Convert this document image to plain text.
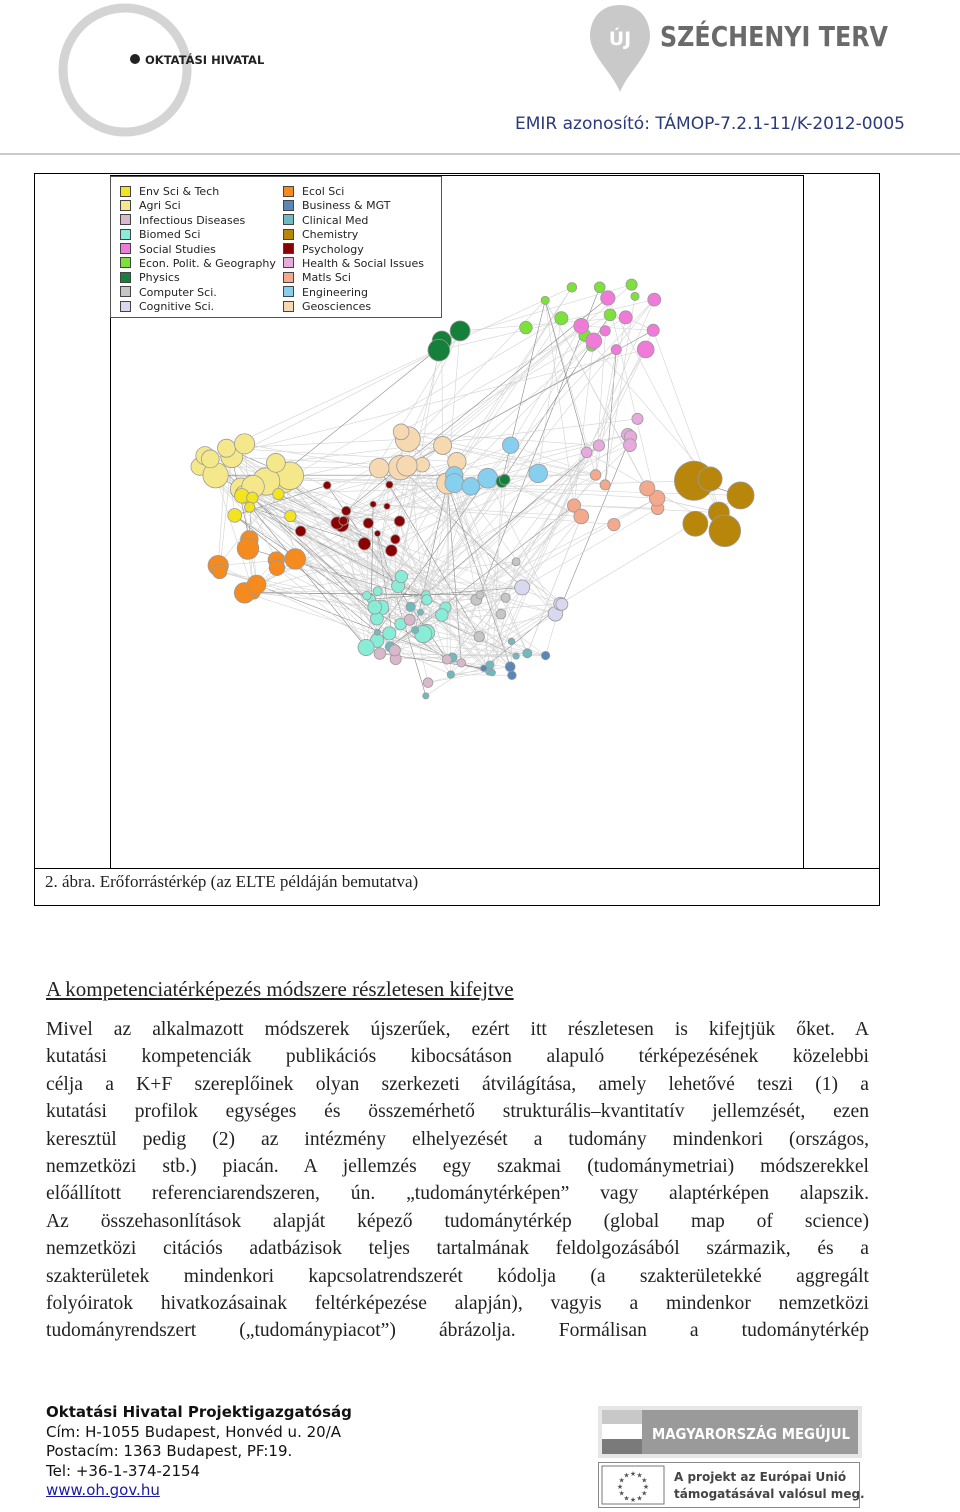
OKTATÁSI HIVATAL
ÚJ SZÉCHENYI TERV
EMIR azonosító: TÁMOP-7.2.1-11/K-2012-0005
Env Sci & Tech
Agri Sci
Infectious Diseases
Biomed Sci
Social Studies
Econ. Polit. & Geography
Physics
Computer Sci.
Cognitive Sci.
Ecol Sci
Business & MGT
Clinical Med
Chemistry
Psychology
Health & Social Issues
Matls Sci
Engineering
Geosciences
2. ábra. Erőforrástérkép (az ELTE példáján bemutatva)
A kompetenciatérképezés módszere részletesen kifejtve
Mivel az alkalmazott módszerek újszerűek, ezért itt részletesen is kifejtjük őket. A
kutatási kompetenciák publikációs kibocsátáson alapuló térképezésének közelebbi
célja a K+F szereplőinek olyan szerkezeti átvilágítása, amely lehetővé teszi (1) a
kutatási profilok egységes és összemérhető strukturális–kvantitatív jellemzését, ezen
keresztül pedig (2) az intézmény elhelyezését a tudomány mindenkori (országos,
nemzetközi stb.) piacán. A jellemzés egy szakmai (tudománymetriai) módszerekkel
előállított referenciarendszeren, ún. „tudománytérképen” vagy alaptérképen alapszik.
Az összehasonlítások alapját képező tudománytérkép (global map of science)
nemzetközi citációs adatbázisok teljes tartalmának feldolgozásából származik, és a
szakterületek mindenkori kapcsolatrendszerét kódolja (a szakterületekké aggregált
folyóiratok hivatkozásainak feltérképezése alapján), vagyis a mindenkor nemzetközi
tudományrendszert („tudománypiacot”) ábrázolja. Formálisan a tudománytérkép
Oktatási Hivatal Projektigazgatóság
Cím: H-1055 Budapest, Honvéd u. 20/A
Postacím: 1363 Budapest, PF:19.
Tel: +36-1-374-2154
www.oh.gov.hu
MAGYARORSZÁG MEGÚJUL
★
★
★
★
★
★
★
★
★ ★ ★
★ A projekt az Európai Unió
támogatásával valósul meg.
